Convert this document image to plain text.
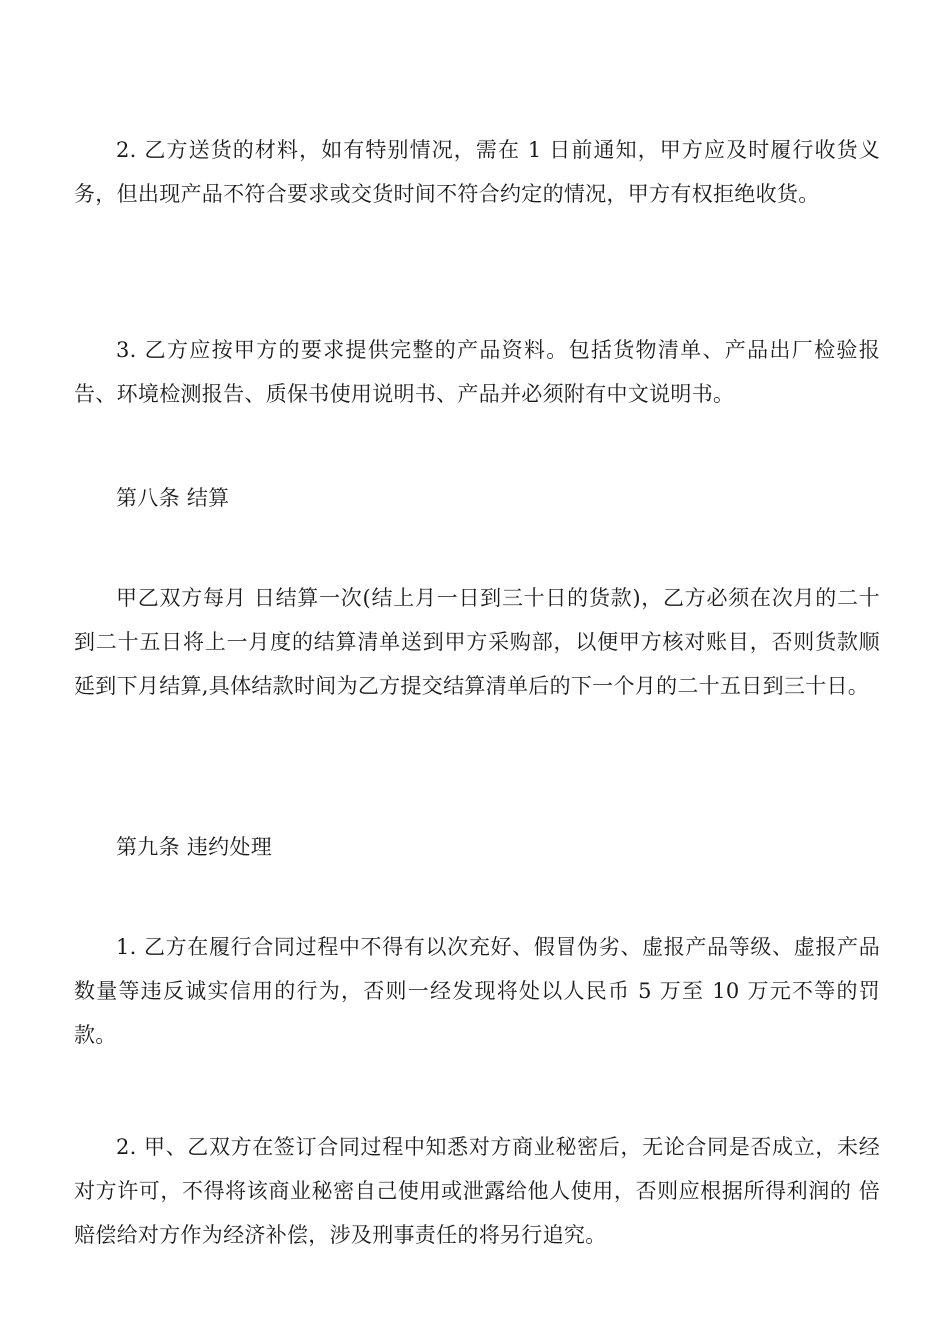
2. 乙方送货的材料，如有特别情况，需在 1 日前通知，甲方应及时履行收货义务，但出现产品不符合要求或交货时间不符合约定的情况，甲方有权拒绝收货。

3. 乙方应按甲方的要求提供完整的产品资料。包括货物清单、产品出厂检验报告、环境检测报告、质保书使用说明书、产品并必须附有中文说明书。

第八条 结算

甲乙双方每月 日结算一次(结上月一日到三十日的货款)，乙方必须在次月的二十到二十五日将上一月度的结算清单送到甲方采购部，以便甲方核对账目，否则货款顺延到下月结算,具体结款时间为乙方提交结算清单后的下一个月的二十五日到三十日。

第九条 违约处理

1. 乙方在履行合同过程中不得有以次充好、假冒伪劣、虚报产品等级、虚报产品数量等违反诚实信用的行为，否则一经发现将处以人民币 5 万至 10 万元不等的罚款。

2. 甲、乙双方在签订合同过程中知悉对方商业秘密后，无论合同是否成立，未经对方许可，不得将该商业秘密自己使用或泄露给他人使用，否则应根据所得利润的 倍赔偿给对方作为经济补偿，涉及刑事责任的将另行追究。
